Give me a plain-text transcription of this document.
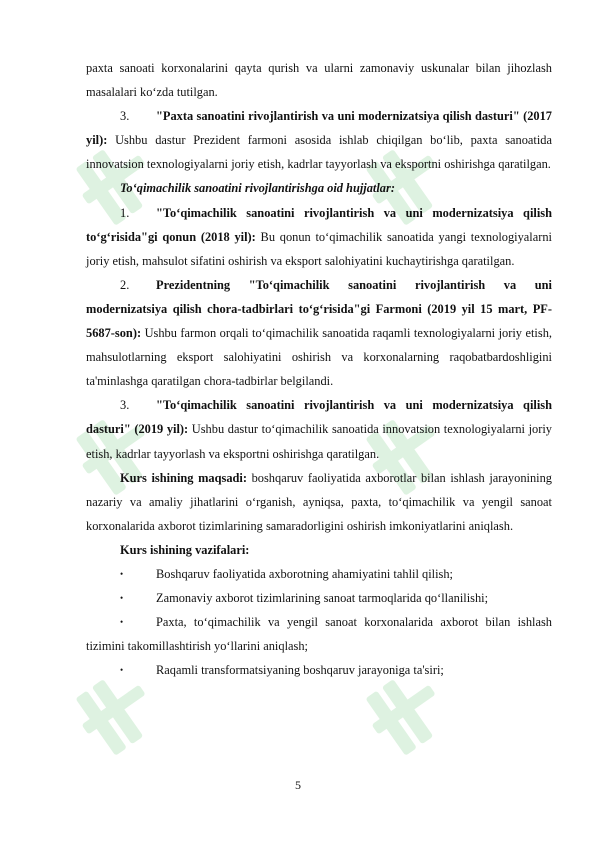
paxta sanoati korxonalarini qayta qurish va ularni zamonaviy uskunalar bilan jihozlash masalalari ko‘zda tutilgan.

3. "Paxta sanoatini rivojlantirish va uni modernizatsiya qilish dasturi" (2017 yil): Ushbu dastur Prezident farmoni asosida ishlab chiqilgan bo‘lib, paxta sanoatida innovatsion texnologiyalarni joriy etish, kadrlar tayyorlash va eksportni oshirishga qaratilgan.

To‘qimachilik sanoatini rivojlantirishga oid hujjatlar:

1. "To‘qimachilik sanoatini rivojlantirish va uni modernizatsiya qilish to‘g‘risida"gi qonun (2018 yil): Bu qonun to‘qimachilik sanoatida yangi texnologiyalarni joriy etish, mahsulot sifatini oshirish va eksport salohiyatini kuchaytirishga qaratilgan.

2. Prezidentning "To‘qimachilik sanoatini rivojlantirish va uni modernizatsiya qilish chora-tadbirlari to‘g‘risida"gi Farmoni (2019 yil 15 mart, PF-5687-son): Ushbu farmon orqali to‘qimachilik sanoatida raqamli texnologiyalarni joriy etish, mahsulotlarning eksport salohiyatini oshirish va korxonalarning raqobatbardoshligini ta'minlashga qaratilgan chora-tadbirlar belgilandi.

3. "To‘qimachilik sanoatini rivojlantirish va uni modernizatsiya qilish dasturi" (2019 yil): Ushbu dastur to‘qimachilik sanoatida innovatsion texnologiyalarni joriy etish, kadrlar tayyorlash va eksportni oshirishga qaratilgan.

Kurs ishining maqsadi: boshqaruv faoliyatida axborotlar bilan ishlash jarayonining nazariy va amaliy jihatlarini o‘rganish, ayniqsa, paxta, to‘qimachilik va yengil sanoat korxonalarida axborot tizimlarining samaradorligini oshirish imkoniyatlarini aniqlash.

Kurs ishining vazifalari:

•	Boshqaruv faoliyatida axborotning ahamiyatini tahlil qilish;

•	Zamonaviy axborot tizimlarining sanoat tarmoqlarida qo‘llanilishi;

•	Paxta, to‘qimachilik va yengil sanoat korxonalarida axborot bilan ishlash tizimini takomillashtirish yo‘llarini aniqlash;

•	Raqamli transformatsiyaning boshqaruv jarayoniga ta'siri;

5
